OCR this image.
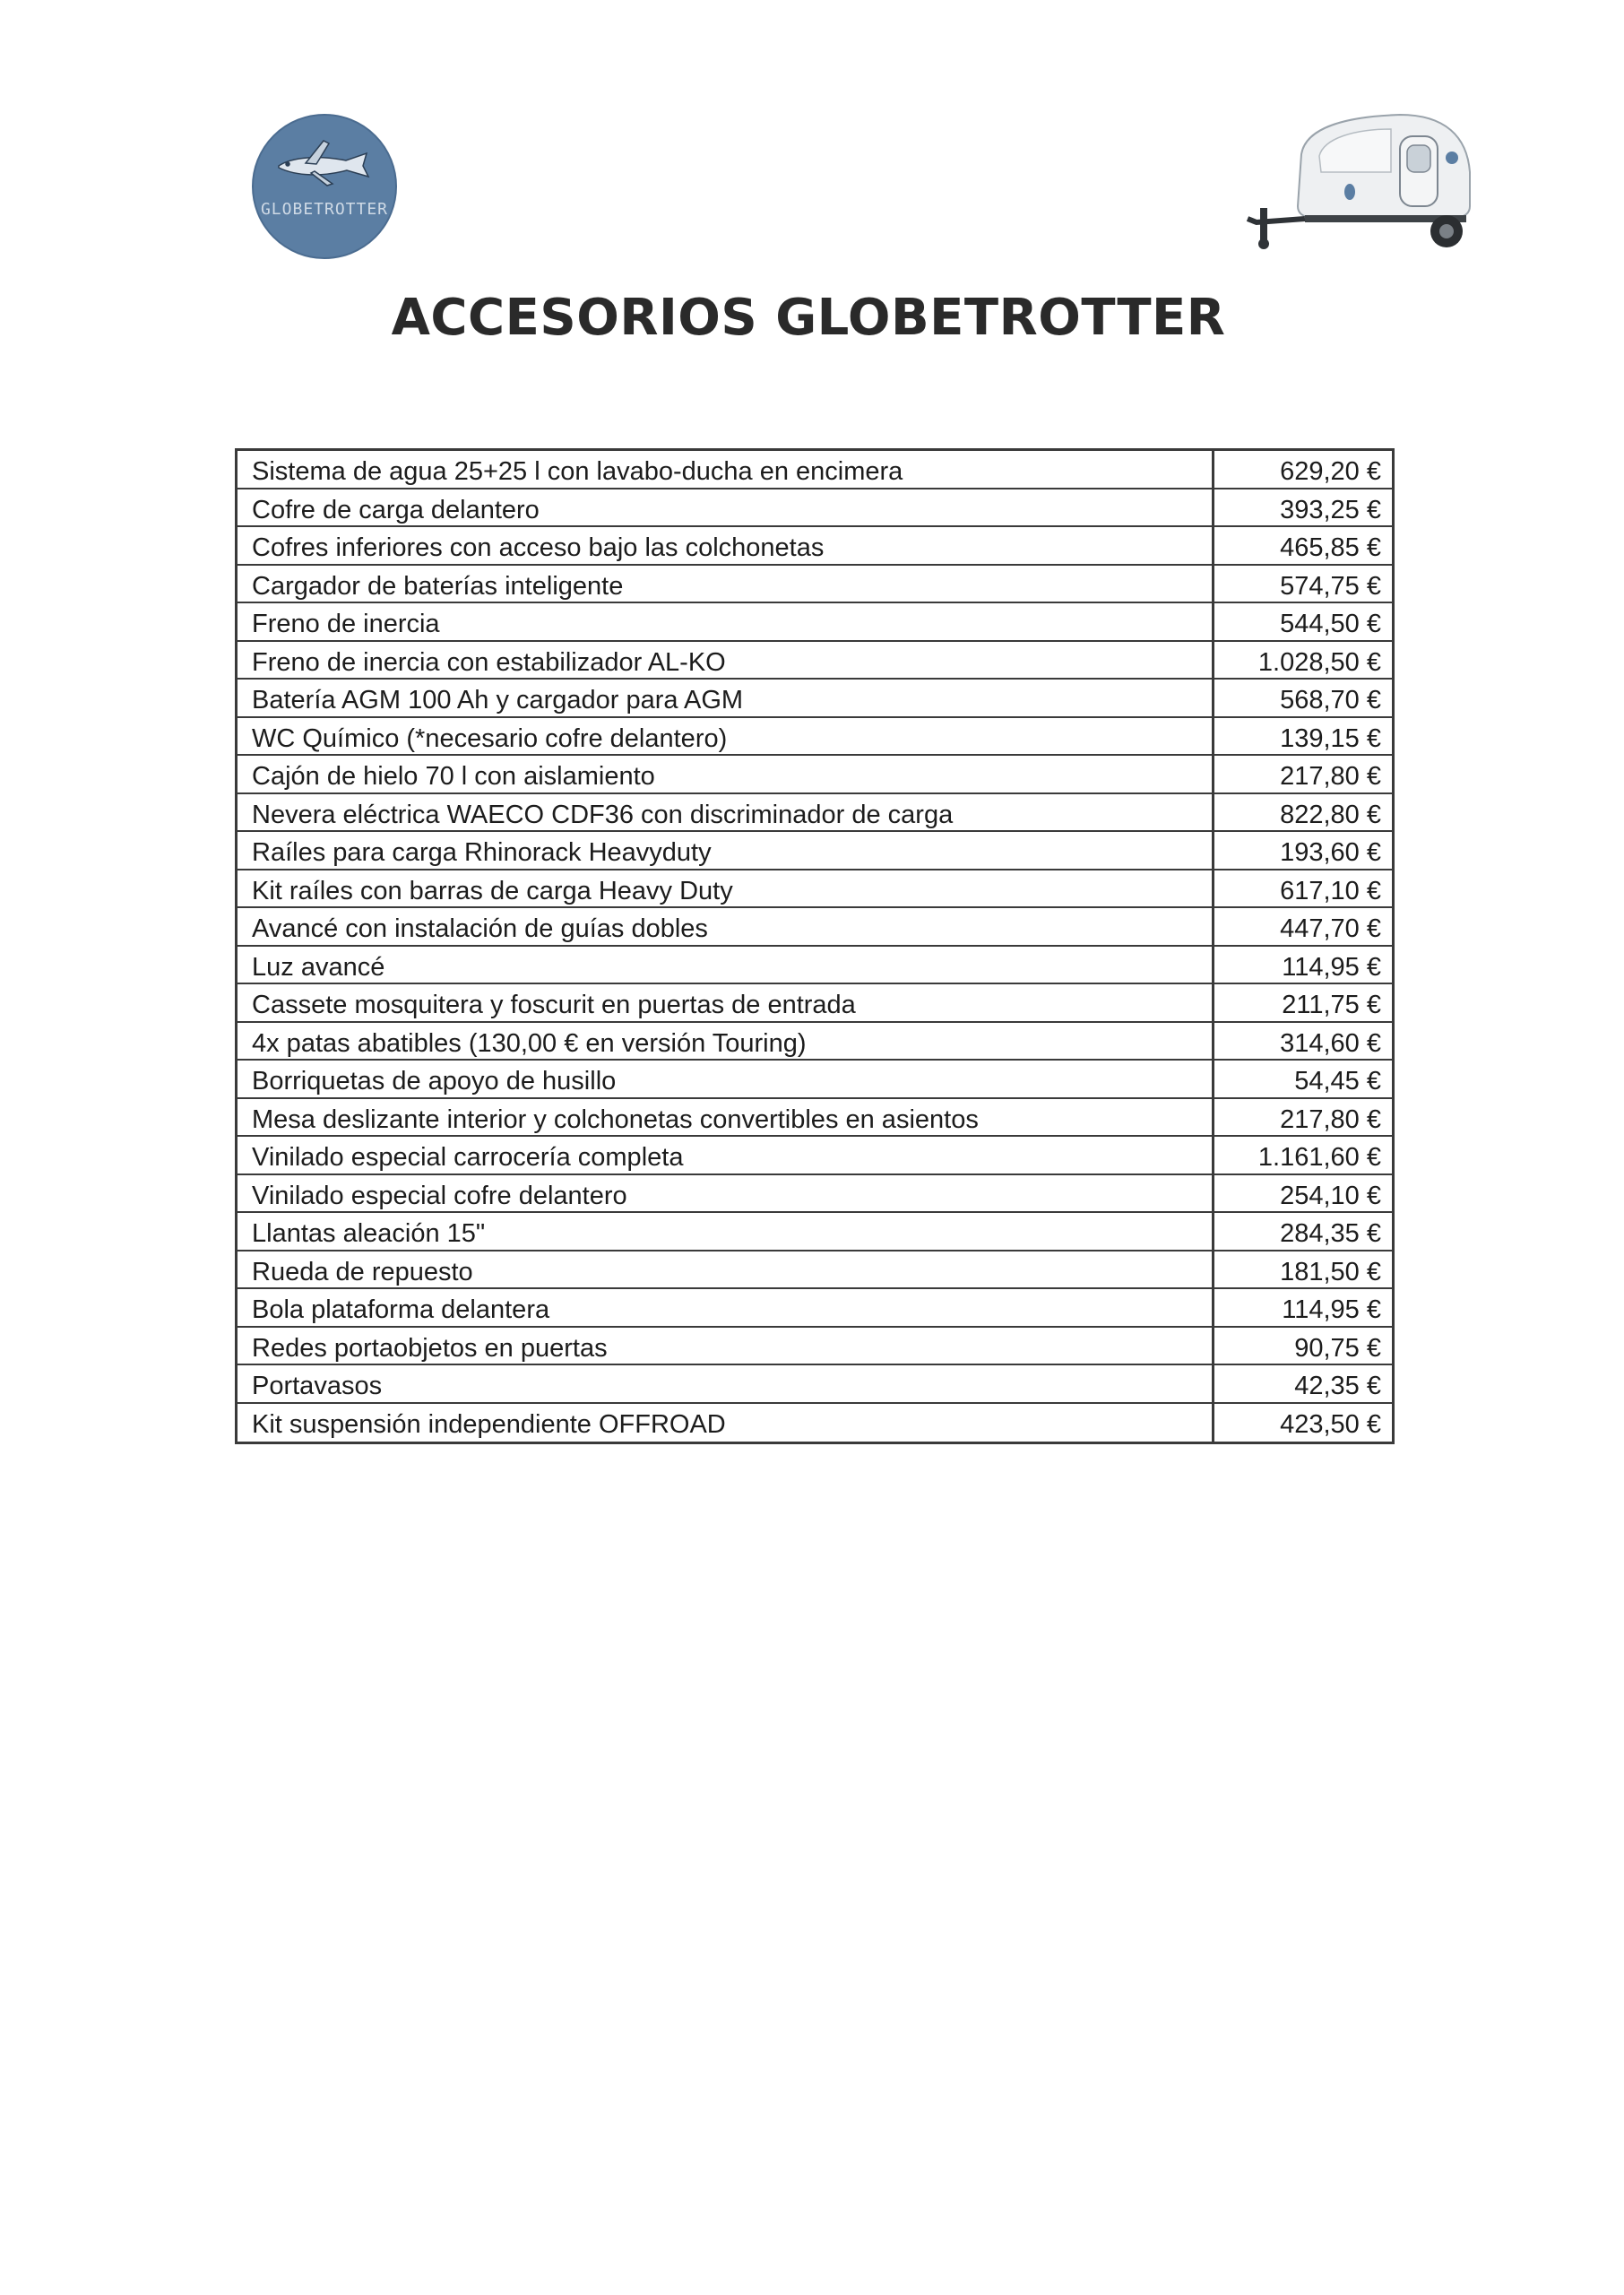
GLOBETROTTER
ACCESORIOS GLOBETROTTER
Sistema de agua 25+25 l con lavabo-ducha en encimera	629,20 €
Cofre de carga delantero	393,25 €
Cofres inferiores con acceso bajo las colchonetas	465,85 €
Cargador de baterías inteligente	574,75 €
Freno de inercia	544,50 €
Freno de inercia con estabilizador AL-KO	1.028,50 €
Batería AGM 100 Ah y cargador para AGM	568,70 €
WC Químico (*necesario cofre delantero)	139,15 €
Cajón de hielo 70 l con aislamiento	217,80 €
Nevera eléctrica WAECO CDF36 con discriminador de carga	822,80 €
Raíles para carga Rhinorack Heavyduty	193,60 €
Kit raíles con barras de carga Heavy Duty	617,10 €
Avancé con instalación de guías dobles	447,70 €
Luz avancé	114,95 €
Cassete mosquitera y foscurit en puertas de entrada	211,75 €
4x patas abatibles (130,00 € en versión Touring)	314,60 €
Borriquetas de apoyo de husillo	54,45 €
Mesa deslizante interior y colchonetas convertibles en asientos	217,80 €
Vinilado especial carrocería completa	1.161,60 €
Vinilado especial cofre delantero	254,10 €
Llantas aleación 15"	284,35 €
Rueda de repuesto	181,50 €
Bola plataforma delantera	114,95 €
Redes portaobjetos en puertas	90,75 €
Portavasos	42,35 €
Kit suspensión independiente OFFROAD	423,50 €
